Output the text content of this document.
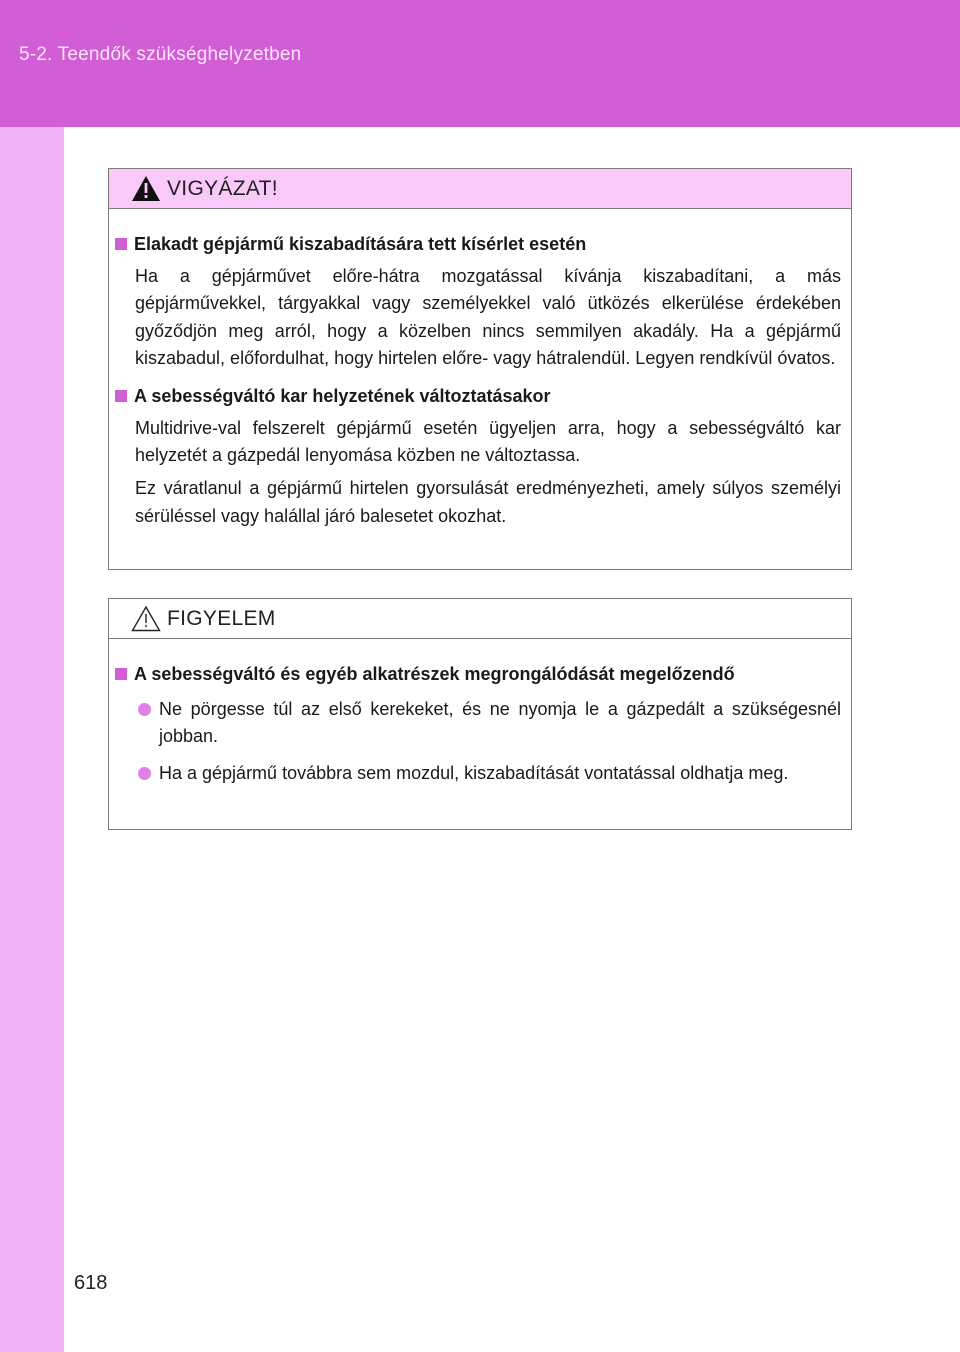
5-2. Teendők szükséghelyzetben
VIGYÁZAT!
Elakadt gépjármű kiszabadítására tett kísérlet esetén
Ha a gépjárművet előre-hátra mozgatással kívánja kiszabadítani, a más gépjárművekkel, tárgyakkal vagy személyekkel való ütközés elkerülése érdekében győződjön meg arról, hogy a közelben nincs semmilyen akadály. Ha a gépjármű kiszabadul, előfordulhat, hogy hirtelen előre- vagy hátralendül. Legyen rendkívül óvatos.
A sebességváltó kar helyzetének változtatásakor
Multidrive-val felszerelt gépjármű esetén ügyeljen arra, hogy a sebességváltó kar helyzetét a gázpedál lenyomása közben ne változtassa.
Ez váratlanul a gépjármű hirtelen gyorsulását eredményezheti, amely súlyos személyi sérüléssel vagy halállal járó balesetet okozhat.
FIGYELEM
A sebességváltó és egyéb alkatrészek megrongálódását megelőzendő
Ne pörgesse túl az első kerekeket, és ne nyomja le a gázpedált a szükségesnél jobban.
Ha a gépjármű továbbra sem mozdul, kiszabadítását vontatással oldhatja meg.
618
